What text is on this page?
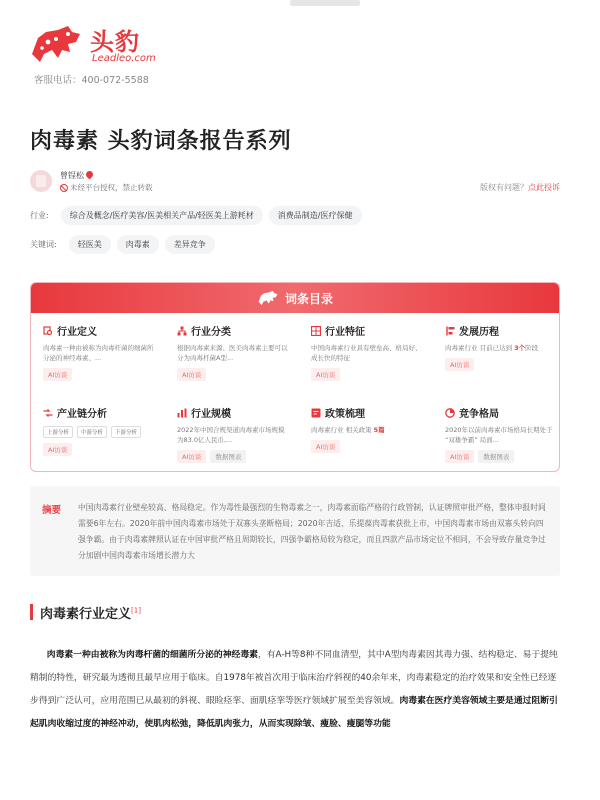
头豹
Leadleo.com
客服电话：400-072-5588
肉毒素 头豹词条报告系列
曾锃松
未经平台授权，禁止转载	版权有问题？点此投诉
行业:	综合及概念/医疗美容/医美相关产品/轻医美上游耗材	消费品制造/医疗保健
关键词:	轻医美	肉毒素	差异竞争
词条目录
行业定义
肉毒素一种由被称为肉毒杆菌的细菌所分泌的神经毒素、...
AI访谈
行业分类
根据肉毒素来源、医美肉毒素主要可以分为肉毒杆菌A型...
AI访谈
行业特征
中国肉毒素行业具有壁垒高、格局好、成长快的特征
AI访谈
发展历程
肉毒素行业 目前已达到 3个阶段
AI访谈
产业链分析
上游分析	中游分析	下游分析
AI访谈
行业规模
2022年中国合规渠道肉毒素市场规模为83.0亿人民币,...
AI访谈	数据图表
政策梳理
肉毒素行业 相关政策 5篇
AI访谈
竞争格局
2020年以前肉毒素市场格局长期处于 “双雄争霸” 局面...
AI访谈	数据图表
摘要 中国肉毒素行业壁垒较高、格局稳定。作为毒性最强烈的生物毒素之一，肉毒素面临严格的行政管制，认证牌照审批严格，整体申报时间需要6年左右。2020年前中国肉毒素市场处于双寡头垄断格局；2020年吉适、乐提葆肉毒素获批上市，中国肉毒素市场由双寡头转向四强争霸。由于肉毒素牌照认证在中国审批严格且周期较长，四强争霸格局较为稳定，而且四款产品市场定位不相同，不会导致存量竞争过分加剧中国肉毒素市场增长潜力大
肉毒素行业定义[1]
肉毒素一种由被称为肉毒杆菌的细菌所分泌的神经毒素，有A-H等8种不同血清型，其中A型肉毒素因其毒力强、结构稳定、易于提纯精制的特性，研究最为透彻且最早应用于临床。自1978年被首次用于临床治疗斜视的40余年来，肉毒素稳定的治疗效果和安全性已经逐步得到广泛认可，应用范围已从最初的斜视、眼睑痉挛、面肌痉挛等医疗领域扩展至美容领域。肉毒素在医疗美容领域主要是通过阻断引起肌肉收缩过度的神经冲动，使肌肉松弛，降低肌肉张力，从而实现除皱、瘦脸、瘦腿等功能
